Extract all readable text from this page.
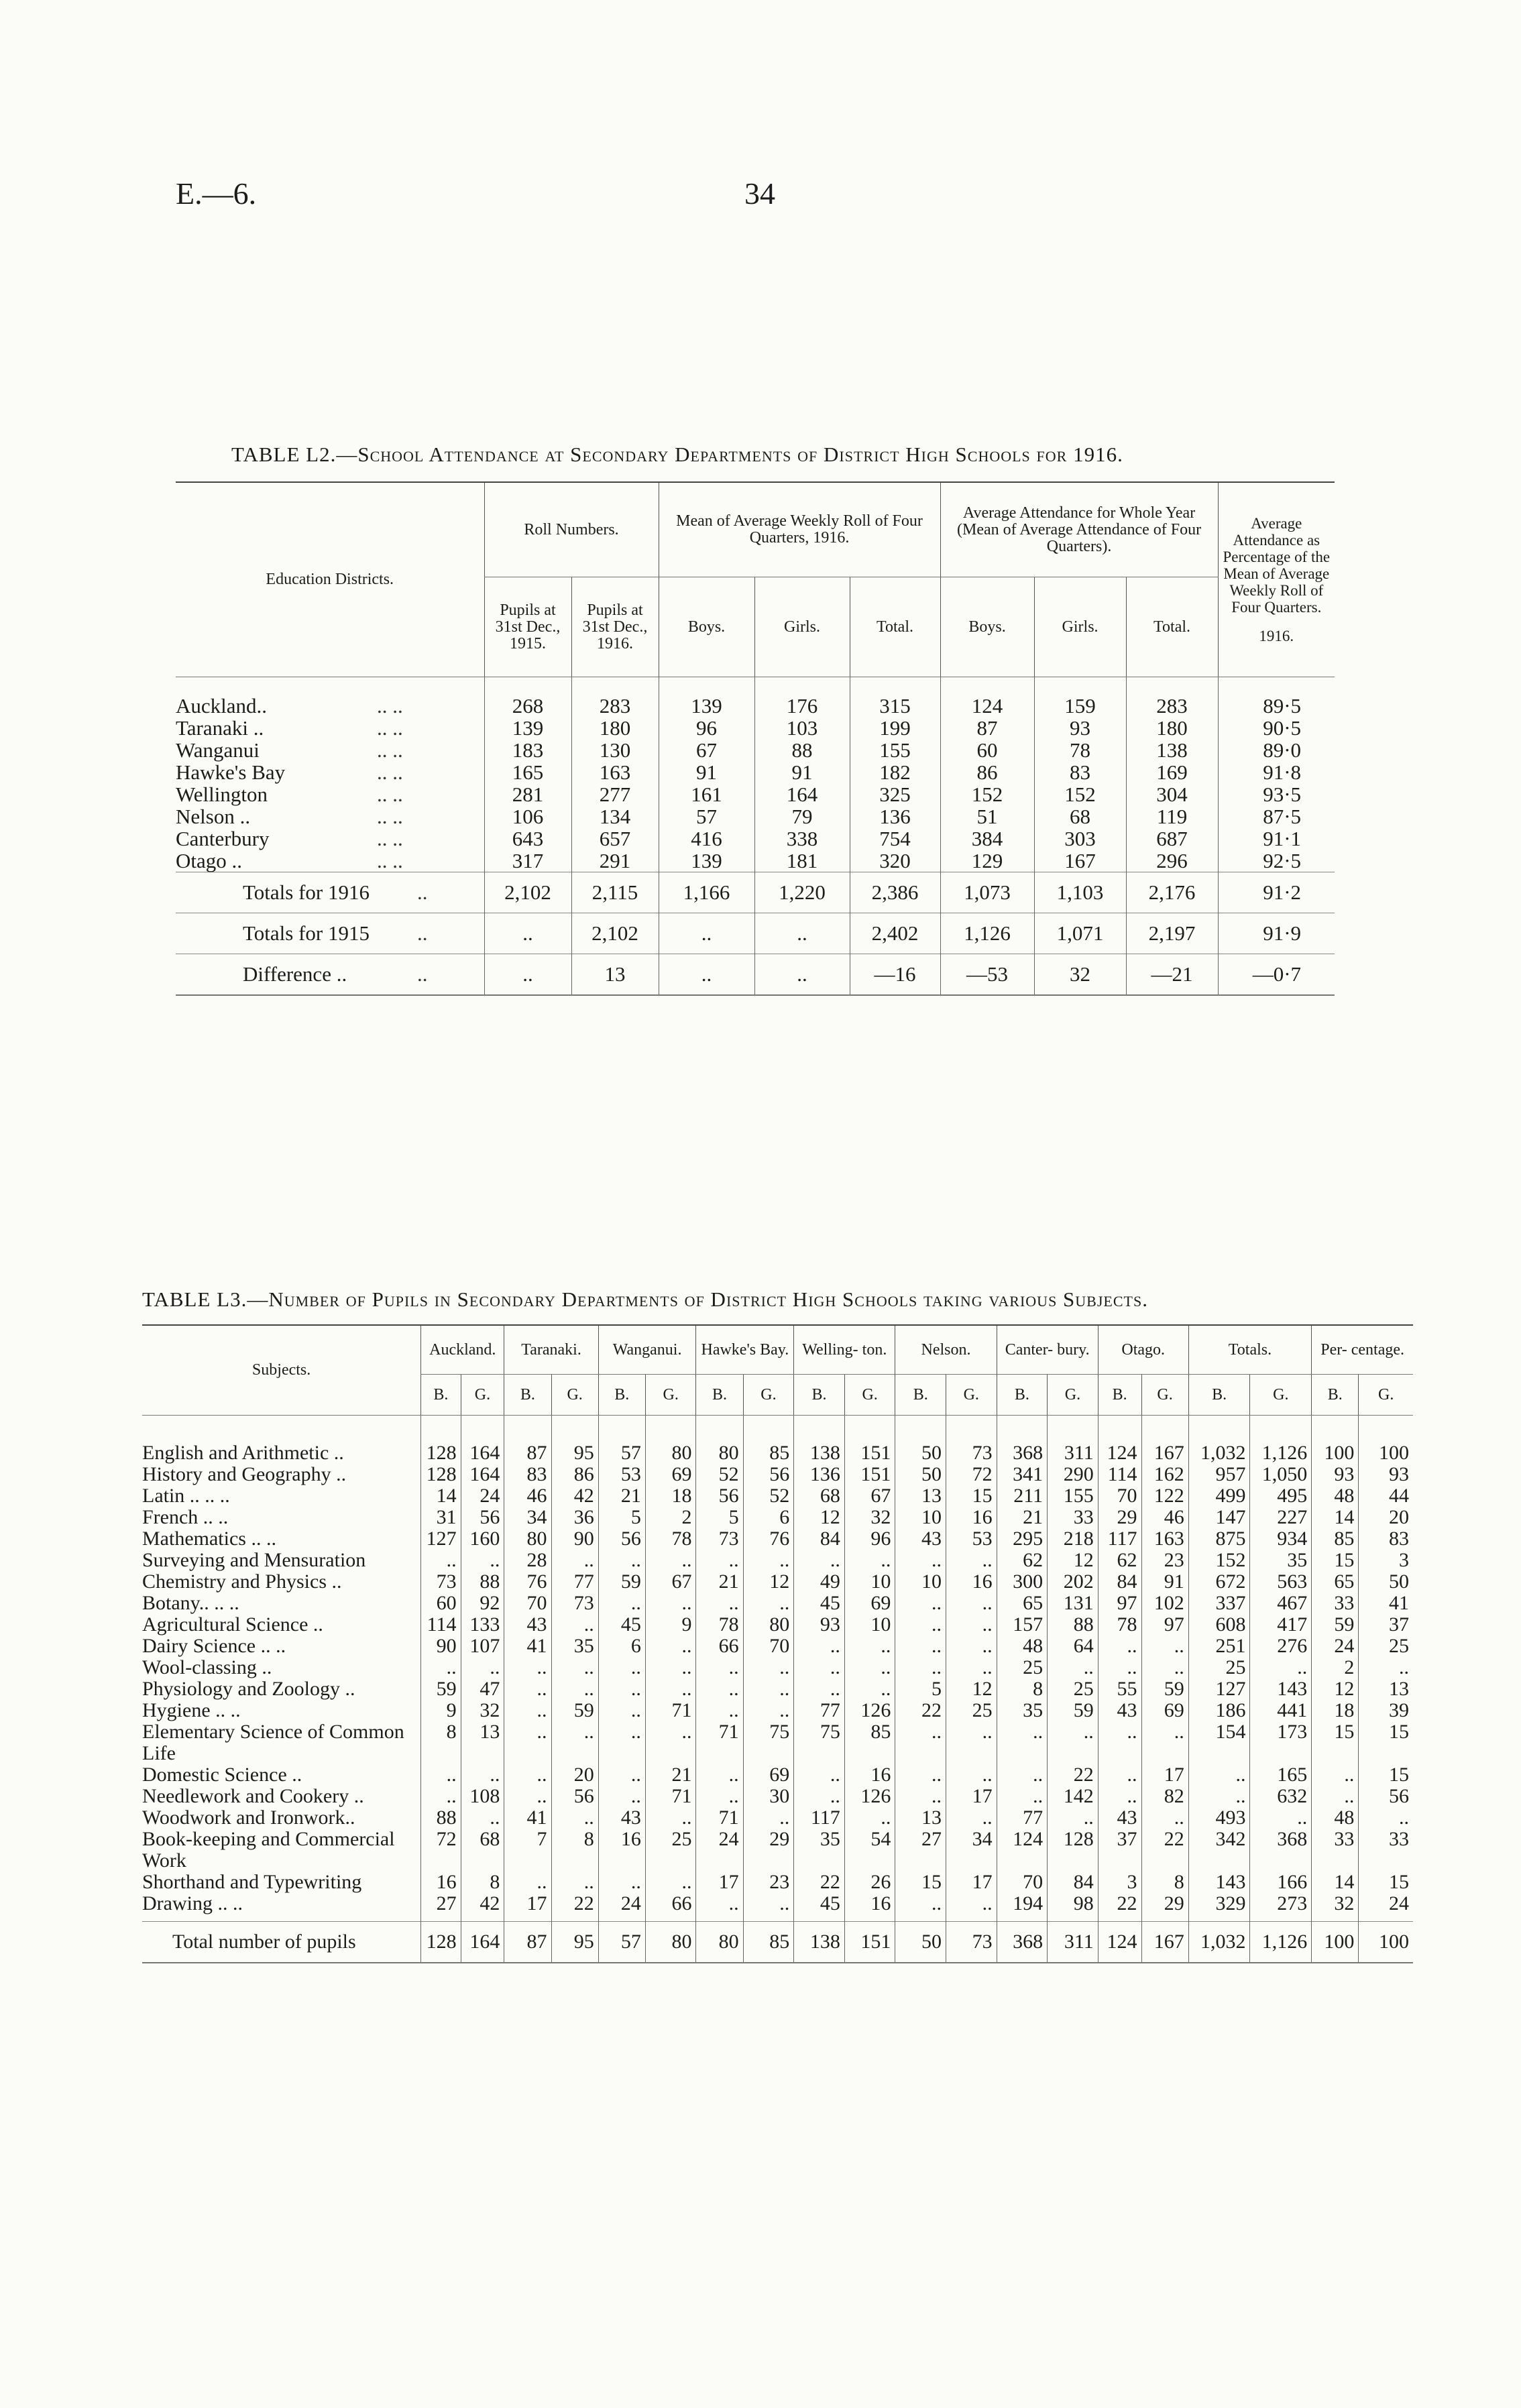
E.—6.	34
TABLE L2.—School Attendance at Secondary Departments of District High Schools for 1916.
Education Districts.	Roll Numbers.		Mean of Average Weekly Roll of Four Quarters, 1916.			Average Attendance for Whole Year (Mean of Average Attendance of Four Quarters).			Average Attendance as Percentage of the Mean of Average Weekly Roll of Four Quarters.
1916.

	Pupils at 31st Dec., 1915.	Pupils at 31st Dec., 1916.	Boys.	Girls.	Total.	Boys.	Girls.	Total.	

Auckland.. .. ..	268	283	139	176	315	124	159	283	89·5
Taranaki .. .. ..	139	180	96	103	199	87	93	180	90·5
Wanganui .. ..	183	130	67	88	155	60	78	138	89·0
Hawke's Bay .. ..	165	163	91	91	182	86	83	169	91·8
Wellington .. ..	281	277	161	164	325	152	152	304	93·5
Nelson .. .. ..	106	134	57	79	136	51	68	119	87·5
Canterbury .. ..	643	657	416	338	754	384	303	687	91·1
Otago .. .. ..	317	291	139	181	320	129	167	296	92·5
Totals for 1916 ..	2,102	2,115	1,166	1,220	2,386	1,073	1,103	2,176	91·2
Totals for 1915 ..	..	2,102	..	..	2,402	1,126	1,071	2,197	91·9
Difference .. ..	..	13	..	..	—16	—53	32	—21	—0·7
TABLE L3.—Number of Pupils in Secondary Departments of District High Schools taking various Subjects.
Subjects.	Auckland.		Taranaki.		Wanganui.		Hawke's Bay.		Welling- ton.		Nelson.		Canter- bury.		Otago.		Totals.		Per- centage.	
	B.	G.	B.	G.	B.	G.	B.	G.	B.	G.	B.	G.	B.	G.	B.	G.	B.	G.	B.	G.

English and Arithmetic ..	128	164	87	95	57	80	80	85	138	151	50	73	368	311	124	167	1,032	1,126	100	100
History and Geography ..	128	164	83	86	53	69	52	56	136	151	50	72	341	290	114	162	957	1,050	93	93
Latin .. .. ..	14	24	46	42	21	18	56	52	68	67	13	15	211	155	70	122	499	495	48	44
French .. ..	31	56	34	36	5	2	5	6	12	32	10	16	21	33	29	46	147	227	14	20
Mathematics .. ..	127	160	80	90	56	78	73	76	84	96	43	53	295	218	117	163	875	934	85	83
Surveying and Mensuration	..	..	28	..	..	..	..	..	..	..	..	..	62	12	62	23	152	35	15	3
Chemistry and Physics ..	73	88	76	77	59	67	21	12	49	10	10	16	300	202	84	91	672	563	65	50
Botany.. .. ..	60	92	70	73	..	..	..	..	45	69	..	..	65	131	97	102	337	467	33	41
Agricultural Science ..	114	133	43	..	45	9	78	80	93	10	..	..	157	88	78	97	608	417	59	37
Dairy Science .. ..	90	107	41	35	6	..	66	70	..	..	..	..	48	64	..	..	251	276	24	25
Wool-classing ..	..	..	..	..	..	..	..	..	..	..	..	..	25	..	..	..	25	..	2	..
Physiology and Zoology ..	59	47	..	..	..	..	..	..	..	..	5	12	8	25	55	59	127	143	12	13
Hygiene .. ..	9	32	..	59	..	71	..	..	77	126	22	25	35	59	43	69	186	441	18	39
Elementary Science of Common Life	8	13	..	..	..	..	71	75	75	85	..	..	..	..	..	..	154	173	15	15
Domestic Science ..	..	..	..	20	..	21	..	69	..	16	..	..	..	22	..	17	..	165	..	15
Needlework and Cookery ..	..	108	..	56	..	71	..	30	..	126	..	17	..	142	..	82	..	632	..	56
Woodwork and Ironwork..	88	..	41	..	43	..	71	..	117	..	13	..	77	..	43	..	493	..	48	..
Book-keeping and Commercial Work	72	68	7	8	16	25	24	29	35	54	27	34	124	128	37	22	342	368	33	33
Shorthand and Typewriting	16	8	..	..	..	..	17	23	22	26	15	17	70	84	3	8	143	166	14	15
Drawing .. ..	27	42	17	22	24	66	..	..	45	16	..	..	194	98	22	29	329	273	32	24

Total number of pupils	128	164	87	95	57	80	80	85	138	151	50	73	368	311	124	167	1,032	1,126	100	100
